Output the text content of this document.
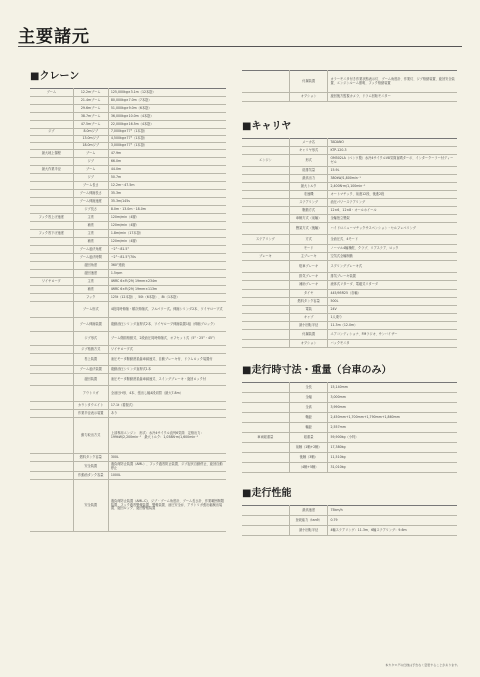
主要諸元
■クレーン
ブーム	12.2mブーム	125,000kg×3.1m（12本掛）
	21.4mブーム	80,000kg×7.0m（7本掛）
	29.6mブーム	51,000kg×9.0m（6本掛）
	38.7mブーム	36,000kg×10.0m（4本掛）
	47.5mブーム	22,000kg×16.5m（4本掛）
ジブ	8.0mジブ	7,000kg×77°（1本掛）
	13.0mジブ	4,500kg×77°（1本掛）
	18.0mジブ	3,000kg×77°（1本掛）
最大地上揚程	ブーム	47.9m
	ジブ	66.0m
最大作業半径	ブーム	44.0m
	ジブ	50.7m
	ブーム長さ	12.2m～47.5m
	ブーム伸縮長さ	35.3m
	ブーム伸縮速度	35.3m/145s
	ジブ長さ	8.0m・13.0m・18.0m
フック巻上げ速度	主巻	120m/min（4層）
	補巻	120m/min（4層）
フック巻下げ速度	主巻	1.8m/min（17本掛）
	補巻	120m/min（4層）
	ブーム起伏角度	−2°～81.5°
	ブーム起伏時間	−2°～81.5°/70s
	旋回角度	360°連続
	旋回速度	1.5rpm
ワイヤロープ	主巻	IWRC 6×Fi(29) 19mm×234m
	補巻	IWRC 6×Fi(29) 19mm×113m
	フック	125t（12本掛）、50t（6本掛）、8t（1本掛）
	ブーム形式	4段同時伸縮・順次伸縮式、フルパワー式。伸縮シリンダ2本、ワイヤロープ式
	ブーム伸縮装置	複動油圧シリンダ直押式2本、ワイヤロープ伸縮装置1組（伸縮ブロック）
	ジブ形式	ブーム側面格納式、2段油圧同時伸縮式、オフセット式（5°・25°・45°）
	ジブ格納方式	ワイヤロープ式
	巻上装置	油圧モータ駆動遊星歯車減速式、自動ブレーキ付、ドラムロック装置付
	ブーム起伏装置	複動油圧シリンダ直押式1本
	旋回装置	油圧モータ駆動遊星歯車減速式、スイングブレーキ・旋回ロック付
	アウトリガ	全油圧H形、4本、張出し幅4段切替（最大7.8m）
	カウンタウエイト	17.1t（着脱式）
	作業半径表示装置	あり
	動力取出方式	上部専用エンジン　形式：水冷4サイクル直列6気筒　定格出力：199kW/2,200min⁻¹　最大トルク：1,058N·m/1,600min⁻¹
	燃料タンク容量	300L
	安全装置	過負荷防止装置（AML）、フック過巻防止装置、ジブ起伏自動停止、旋回自動停止
	作動油タンク容量	1000L
	安全装置	過負荷防止装置（AML-C)、ジブ・ブーム角度計、ブーム長さ計、作業範囲制限装置、フック過巻警報装置、警報装置、油圧安全弁、アウトリガ張出幅検出装置、旋回ロック、旋回警報装置
	付属装置	カラーモニタ付き作業状態表示灯、ブーム角度計、作業灯、ジブ格納装置、旋回安全装置、エンジンルーム照明、フック格納装置
	オプション	旋回後方監視カメラ、ドラム回転モニター
■キャリヤ
	メーカ名	TADANO
	キャリヤ形式	KTP-120-3
エンジン	形式	OM502LA（ベンツ製）水冷4サイクルV8気筒直噴ターボ、インタークーラー付ディーゼル
	総排気量	15.9L
	最高出力	380kW/1,800min⁻¹
	最大トルク	2,400N·m/1,100min⁻¹
	変速機	オートマチック、前進12段、後進2段
	ステアリング	油圧パワーステアリング
	駆動方式	12×6、12×8・オールホイール
	車軸方式（前輪）	全輪独立懸架
	懸架方式（後輪）	ハイドロニューマチックサスペンション・セルフレベリング
ステアリング	方式	全油圧式、4モード
	モード	ノーマル4輪操舵、クラブ、リアステア、ロック
ブレーキ	主ブレーキ	空気式全輪制動
	駐車ブレーキ	スプリングブレーキ式
	排気ブレーキ	排気ブレーキ装置
	補助ブレーキ	流体式リターダ、電磁式リターダ
	タイヤ	445/95R25（各輪）
	燃料タンク容量	500L
	電装	24V
	キャブ	1人乗り
	最小回転半径	11.3m（12.0m）
	付属装置	エアコンディショナ、FMラジオ、サンバイザー
	オプション	バックモニタ
■走行時寸法・重量（台車のみ）
	全長	15,140mm
	全幅	3,000mm
	全高	3,990mm
	軸距	2,450mm+1,700mm+1,790mm+1,860mm
	輪距	2,557mm
車両総重量	総重量	59,900kg（小判）
	前軸（1軸+2軸）	17,380kg
	後軸（3軸）	11,510kg
	（4軸+5軸）	31,010kg
■走行性能
	最高速度	75km/h
	登坂能力（tanθ）	0.79
	最小回転半径	4輪ステアリング：11.3m、6輪ステアリング：9.6m
本カタログの仕様は予告なく変更することがあります。
